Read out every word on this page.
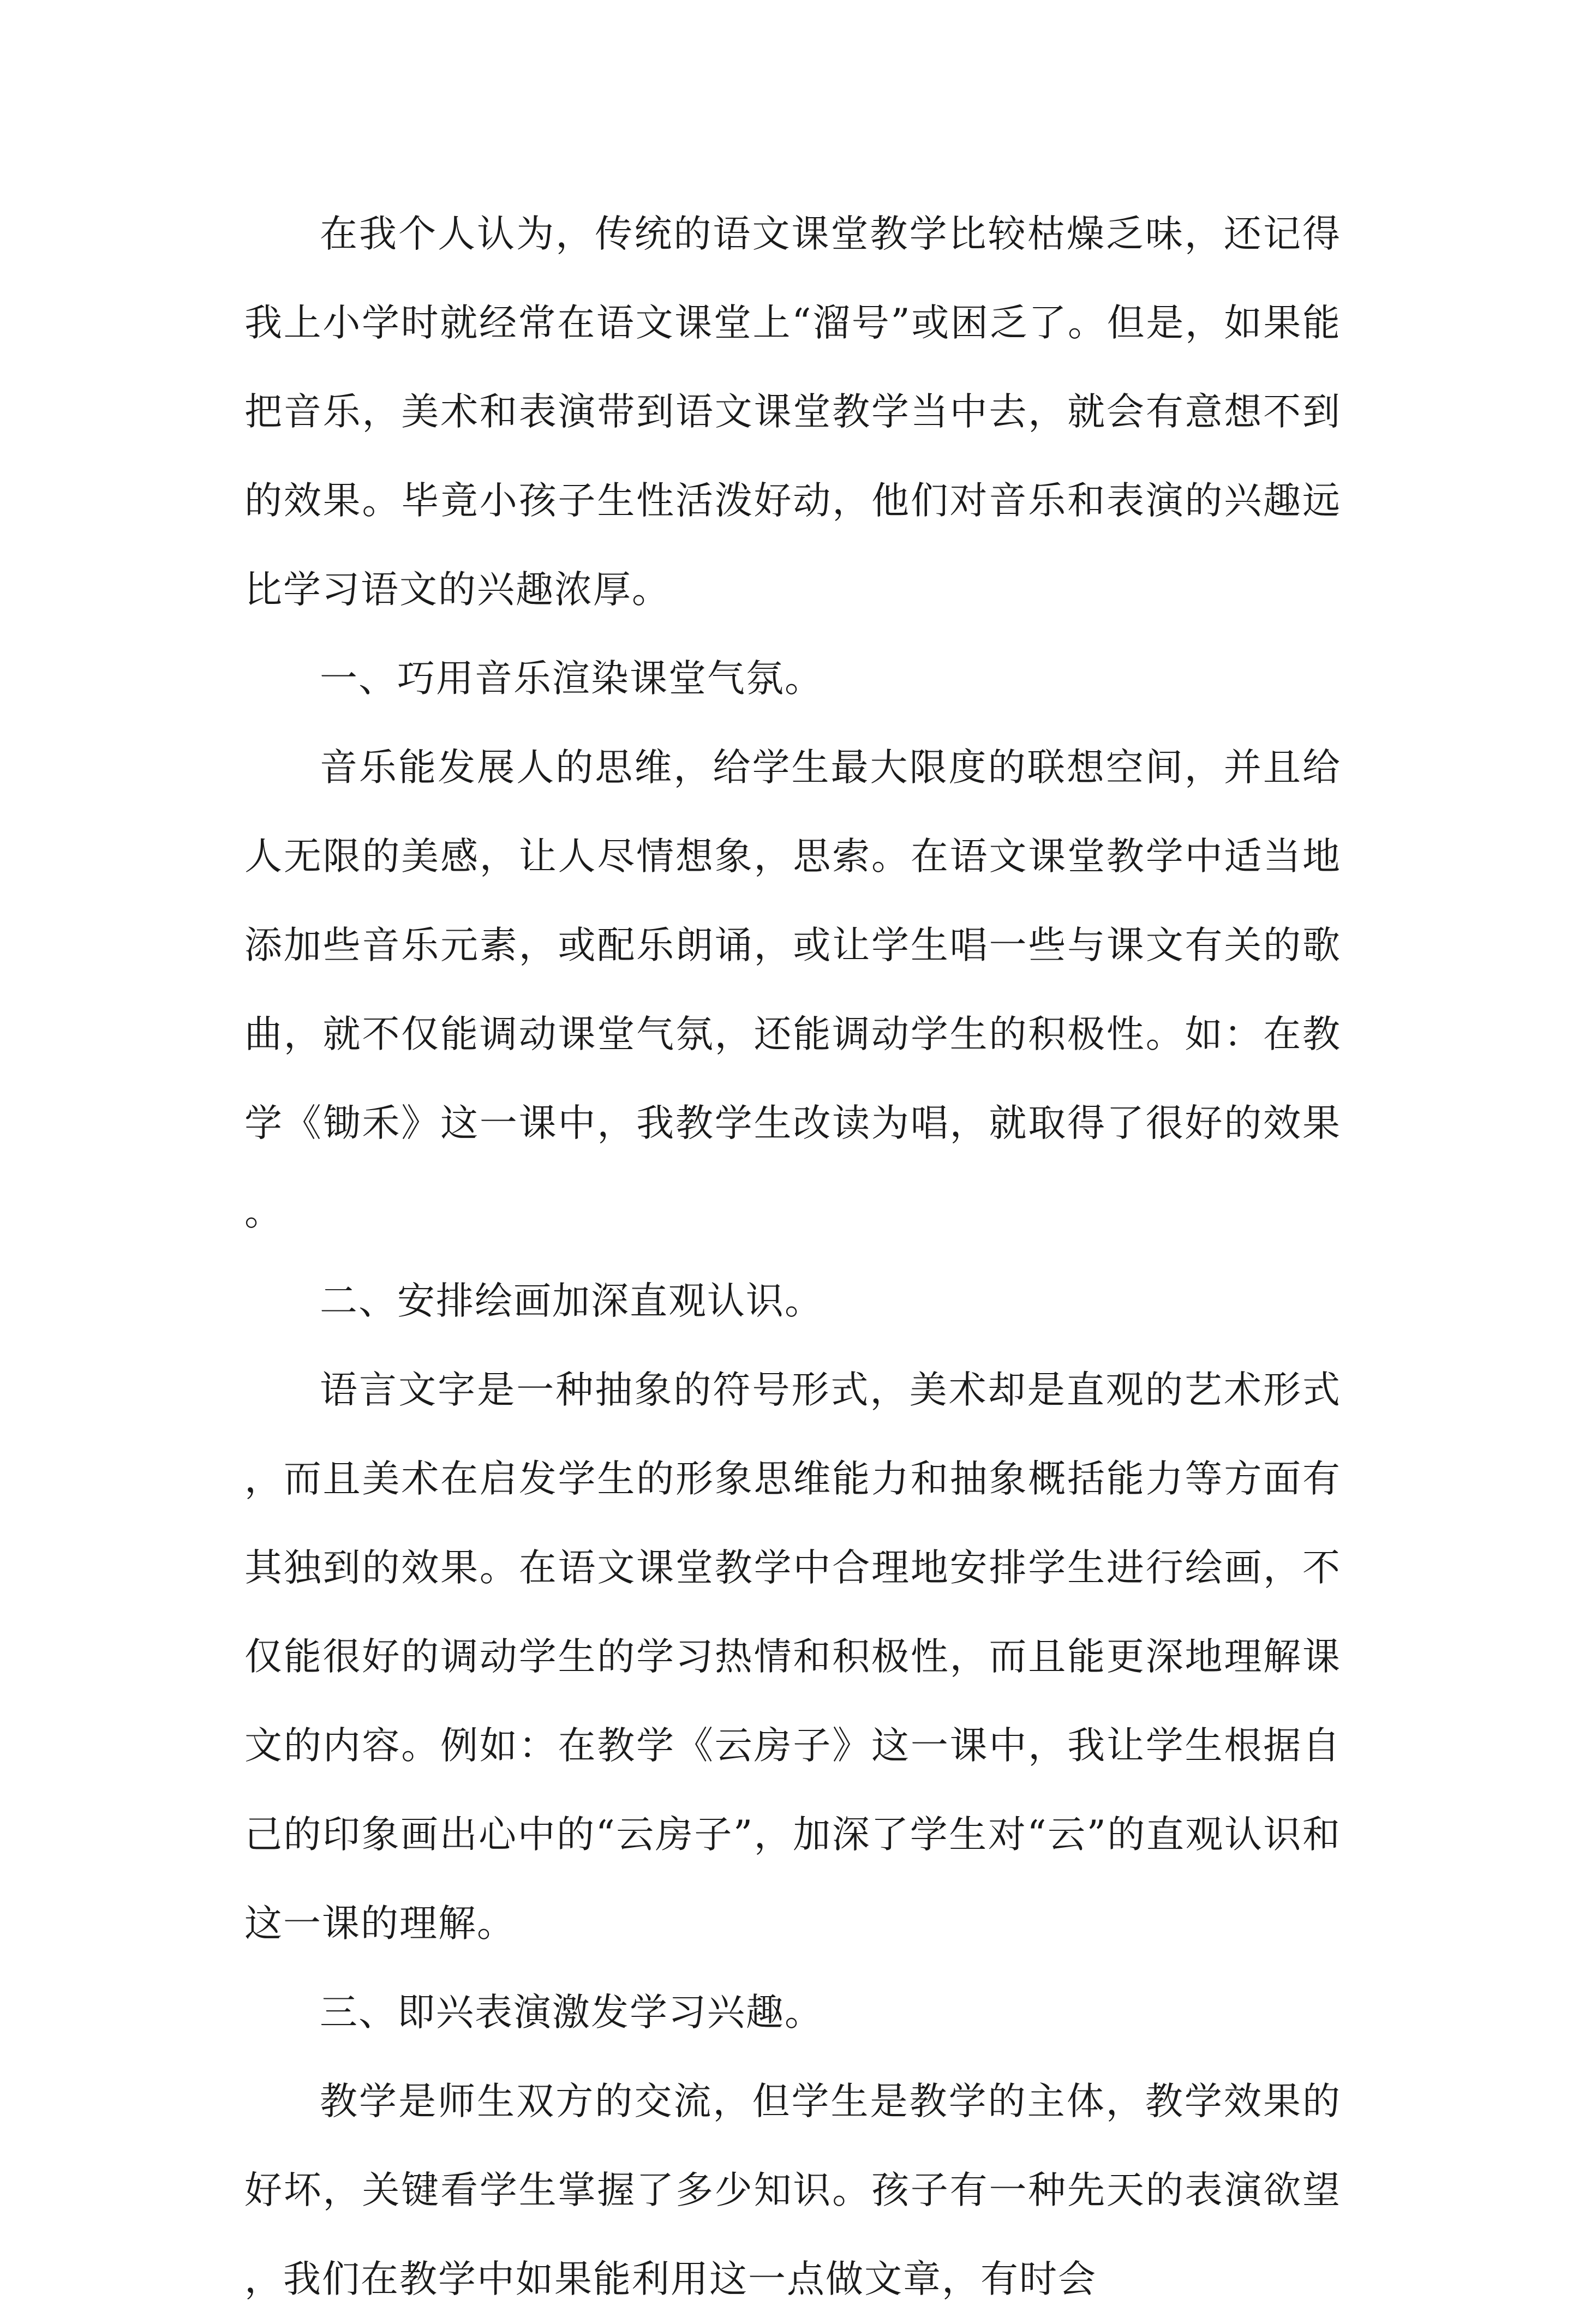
在我个人认为，传统的语文课堂教学比较枯燥乏味，还记得我上小学时就经常在语文课堂上“溜号”或困乏了。但是，如果能把音乐，美术和表演带到语文课堂教学当中去，就会有意想不到的效果。毕竟小孩子生性活泼好动，他们对音乐和表演的兴趣远比学习语文的兴趣浓厚。

一、巧用音乐渲染课堂气氛。

音乐能发展人的思维，给学生最大限度的联想空间，并且给人无限的美感，让人尽情想象，思索。在语文课堂教学中适当地添加些音乐元素，或配乐朗诵，或让学生唱一些与课文有关的歌曲，就不仅能调动课堂气氛，还能调动学生的积极性。如：在教学《锄禾》这一课中，我教学生改读为唱，就取得了很好的效果。

二、安排绘画加深直观认识。

语言文字是一种抽象的符号形式，美术却是直观的艺术形式，而且美术在启发学生的形象思维能力和抽象概括能力等方面有其独到的效果。在语文课堂教学中合理地安排学生进行绘画，不仅能很好的调动学生的学习热情和积极性，而且能更深地理解课文的内容。例如：在教学《云房子》这一课中，我让学生根据自己的印象画出心中的“云房子”，加深了学生对“云”的直观认识和这一课的理解。

三、即兴表演激发学习兴趣。

教学是师生双方的交流，但学生是教学的主体，教学效果的好坏，关键看学生掌握了多少知识。孩子有一种先天的表演欲望，我们在教学中如果能利用这一点做文章，有时会
